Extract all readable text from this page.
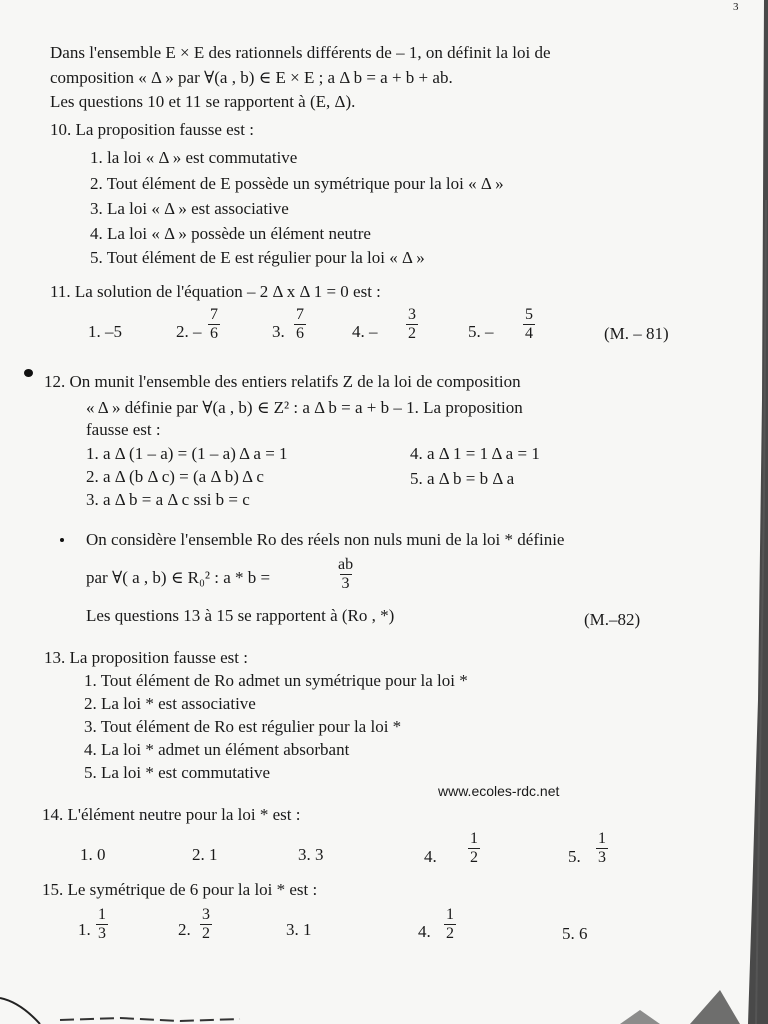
3
Dans l'ensemble E × E des rationnels différents de – 1, on définit la loi de
composition « Δ » par ∀(a , b) ∈ E × E ; a Δ b = a + b + ab.
Les questions 10 et 11 se rapportent à (E, Δ).
10. La proposition fausse est :
1. la loi « Δ » est commutative
2. Tout élément de E possède un symétrique pour la loi « Δ »
3. La loi « Δ » est associative
4. La loi « Δ » possède un élément neutre
5. Tout élément de E est régulier pour la loi « Δ »
11. La solution de l'équation – 2 Δ x Δ 1 = 0 est :
1. –5	2. – $\frac{7}{6}$	3. $\frac{7}{6}$	4. – $\frac{3}{2}$	5. – $\frac{5}{4}$	(M. – 81)
12. On munit l'ensemble des entiers relatifs Z de la loi de composition
« Δ » définie par ∀(a , b) ∈ Z² : a Δ b = a + b – 1. La proposition
fausse est :
1. a Δ (1 – a) = (1 – a) Δ a = 1
2. a Δ (b Δ c) = (a Δ b) Δ c
3. a Δ b = a Δ c ssi b = c
4. a Δ 1 = 1 Δ a = 1
5. a Δ b = b Δ a
On considère l'ensemble Ro des réels non nuls muni de la loi * définie
par ∀( a , b) ∈ R₀² : a * b =	$\frac{ab}{3}$
Les questions 13 à 15 se rapportent à (Ro , *)	(M.–82)
13. La proposition fausse est :
1. Tout élément de Ro admet un symétrique pour la loi *
2. La loi * est associative
3. Tout élément de Ro est régulier pour la loi *
4. La loi * admet un élément absorbant
5. La loi * est commutative
www.ecoles-rdc.net
14. L'élément neutre pour la loi * est :
1. 0	2. 1	3. 3	4. $\frac{1}{2}$	5. $\frac{1}{3}$
15. Le symétrique de 6 pour la loi * est :
1. $\frac{1}{3}$	2. $\frac{3}{2}$	3. 1	4. $\frac{1}{2}$	5. 6
